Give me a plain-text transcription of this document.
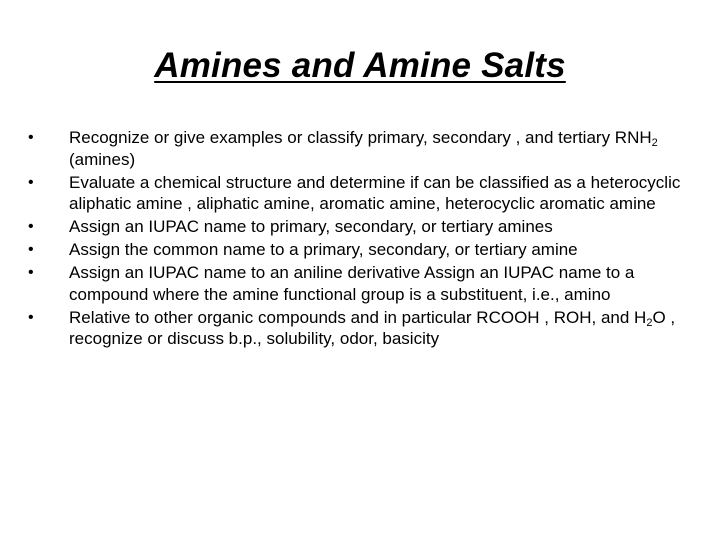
Amines and Amine Salts
•	Recognize or give examples or classify primary, secondary , and tertiary $RNH_2$ (amines)
•	Evaluate a chemical structure and determine if can be classified as a heterocyclic aliphatic amine , aliphatic amine, aromatic amine, heterocyclic aromatic amine
•	Assign an IUPAC name to primary, secondary, or tertiary amines
•	Assign the common name to a primary, secondary, or tertiary amine
•	Assign an IUPAC name to an aniline derivative Assign an IUPAC name to a compound where the amine functional group is a substituent, i.e., amino
•	Relative to other organic compounds and in particular RCOOH , ROH, and $H_2O$ , recognize or discuss b.p., solubility, odor, basicity
